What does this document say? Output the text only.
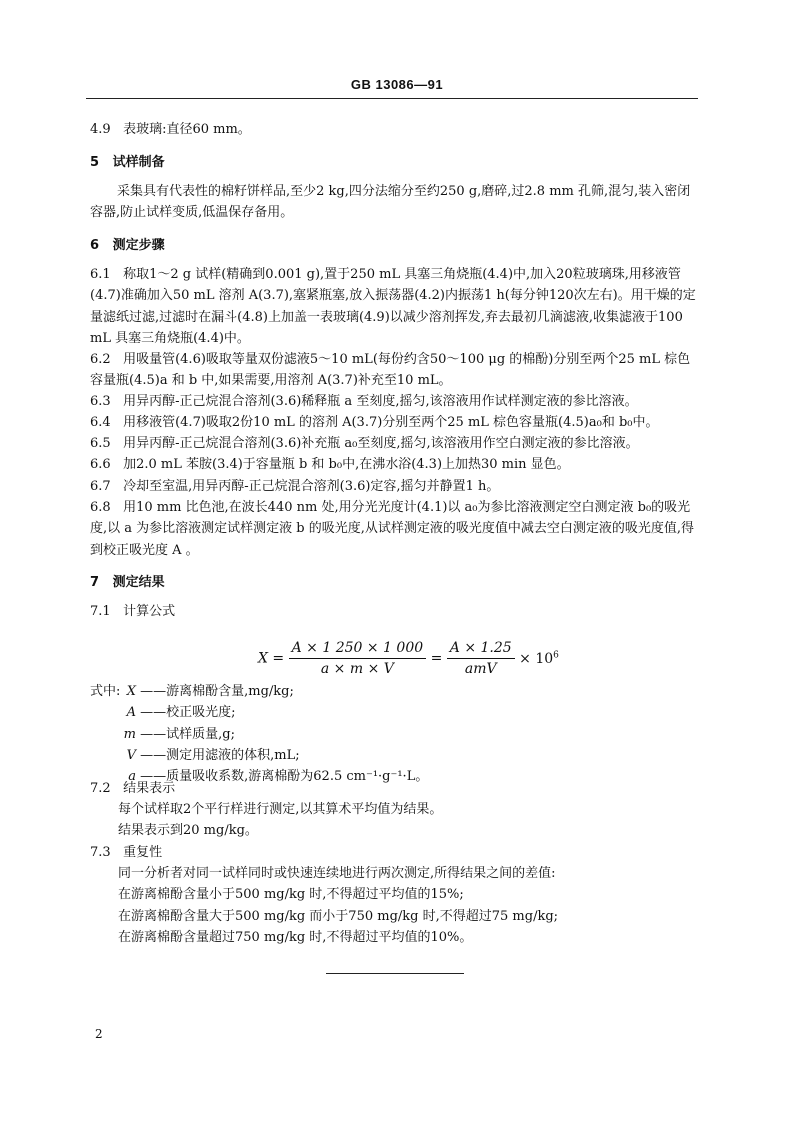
GB 13086—91
4.9 表玻璃:直径60 mm。
5 试样制备
采集具有代表性的棉籽饼样品,至少2 kg,四分法缩分至约250 g,磨碎,过2.8 mm 孔筛,混匀,装入密闭容器,防止试样变质,低温保存备用。
6 测定步骤
6.1 称取1～2 g 试样(精确到0.001 g),置于250 mL 具塞三角烧瓶(4.4)中,加入20粒玻璃珠,用移液管(4.7)准确加入50 mL 溶剂 A(3.7),塞紧瓶塞,放入振荡器(4.2)内振荡1 h(每分钟120次左右)。用干燥的定量滤纸过滤,过滤时在漏斗(4.8)上加盖一表玻璃(4.9)以减少溶剂挥发,弃去最初几滴滤液,收集滤液于100 mL 具塞三角烧瓶(4.4)中。
6.2 用吸量管(4.6)吸取等量双份滤液5～10 mL(每份约含50～100 μg 的棉酚)分别至两个25 mL 棕色容量瓶(4.5)a 和 b 中,如果需要,用溶剂 A(3.7)补充至10 mL。
6.3 用异丙醇-正己烷混合溶剂(3.6)稀释瓶 a 至刻度,摇匀,该溶液用作试样测定液的参比溶液。
6.4 用移液管(4.7)吸取2份10 mL 的溶剂 A(3.7)分别至两个25 mL 棕色容量瓶(4.5)a₀和 b₀中。
6.5 用异丙醇-正己烷混合溶剂(3.6)补充瓶 a₀至刻度,摇匀,该溶液用作空白测定液的参比溶液。
6.6 加2.0 mL 苯胺(3.4)于容量瓶 b 和 b₀中,在沸水浴(4.3)上加热30 min 显色。
6.7 冷却至室温,用异丙醇-正己烷混合溶剂(3.6)定容,摇匀并静置1 h。
6.8 用10 mm 比色池,在波长440 nm 处,用分光光度计(4.1)以 a₀为参比溶液测定空白测定液 b₀的吸光度,以 a 为参比溶液测定试样测定液 b 的吸光度,从试样测定液的吸光度值中减去空白测定液的吸光度值,得到校正吸光度 A 。
7 测定结果
7.1 计算公式
$X = \frac{A \times 1 250 \times 1 000}{a \times m \times V} = \frac{A \times 1.25}{\text{amV}} \times 10^6$
式中: X ——游离棉酚含量,mg/kg;
A ——校正吸光度;
m ——试样质量,g;
V ——测定用滤液的体积,mL;
a ——质量吸收系数,游离棉酚为62.5 cm⁻¹·g⁻¹·L。
7.2 结果表示
每个试样取2个平行样进行测定,以其算术平均值为结果。
结果表示到20 mg/kg。
7.3 重复性
同一分析者对同一试样同时或快速连续地进行两次测定,所得结果之间的差值:
在游离棉酚含量小于500 mg/kg 时,不得超过平均值的15%;
在游离棉酚含量大于500 mg/kg 而小于750 mg/kg 时,不得超过75 mg/kg;
在游离棉酚含量超过750 mg/kg 时,不得超过平均值的10%。
2
